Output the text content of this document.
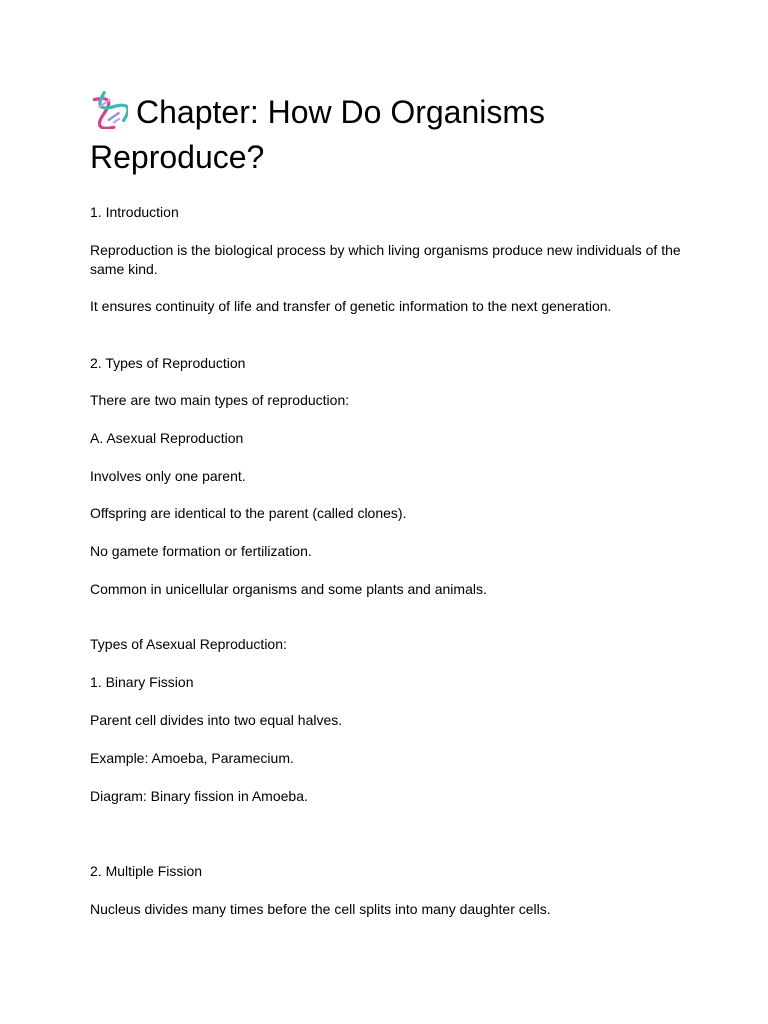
Chapter: How Do Organisms Reproduce?

1. Introduction

Reproduction is the biological process by which living organisms produce new individuals of the same kind.

It ensures continuity of life and transfer of genetic information to the next generation.

2. Types of Reproduction

There are two main types of reproduction:

A. Asexual Reproduction

Involves only one parent.

Offspring are identical to the parent (called clones).

No gamete formation or fertilization.

Common in unicellular organisms and some plants and animals.

Types of Asexual Reproduction:

1. Binary Fission

Parent cell divides into two equal halves.

Example: Amoeba, Paramecium.

Diagram: Binary fission in Amoeba.

2. Multiple Fission

Nucleus divides many times before the cell splits into many daughter cells.
